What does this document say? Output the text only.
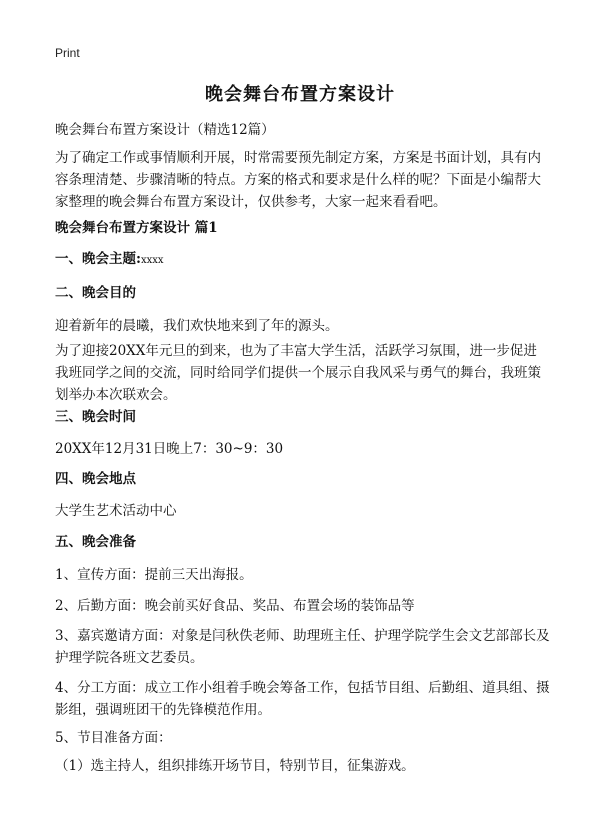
Print
晚会舞台布置方案设计
晚会舞台布置方案设计（精选12篇）
为了确定工作或事情顺利开展，时常需要预先制定方案，方案是书面计划，具有内容条理清楚、步骤清晰的特点。方案的格式和要求是什么样的呢？下面是小编帮大家整理的晚会舞台布置方案设计，仅供参考，大家一起来看看吧。
晚会舞台布置方案设计 篇1
一、晚会主题:xxxx
二、晚会目的
迎着新年的晨曦，我们欢快地来到了年的源头。
为了迎接20XX年元旦的到来，也为了丰富大学生活，活跃学习氛围，进一步促进我班同学之间的交流，同时给同学们提供一个展示自我风采与勇气的舞台，我班策划举办本次联欢会。
三、晚会时间
20XX年12月31日晚上7：30~9：30
四、晚会地点
大学生艺术活动中心
五、晚会准备
1、宣传方面：提前三天出海报。
2、后勤方面：晚会前买好食品、奖品、布置会场的装饰品等
3、嘉宾邀请方面：对象是闫秋佚老师、助理班主任、护理学院学生会文艺部部长及护理学院各班文艺委员。
4、分工方面：成立工作小组着手晚会筹备工作，包括节目组、后勤组、道具组、摄影组，强调班团干的先锋模范作用。
5、节目准备方面：
（1）选主持人，组织排练开场节目，特别节目，征集游戏。
